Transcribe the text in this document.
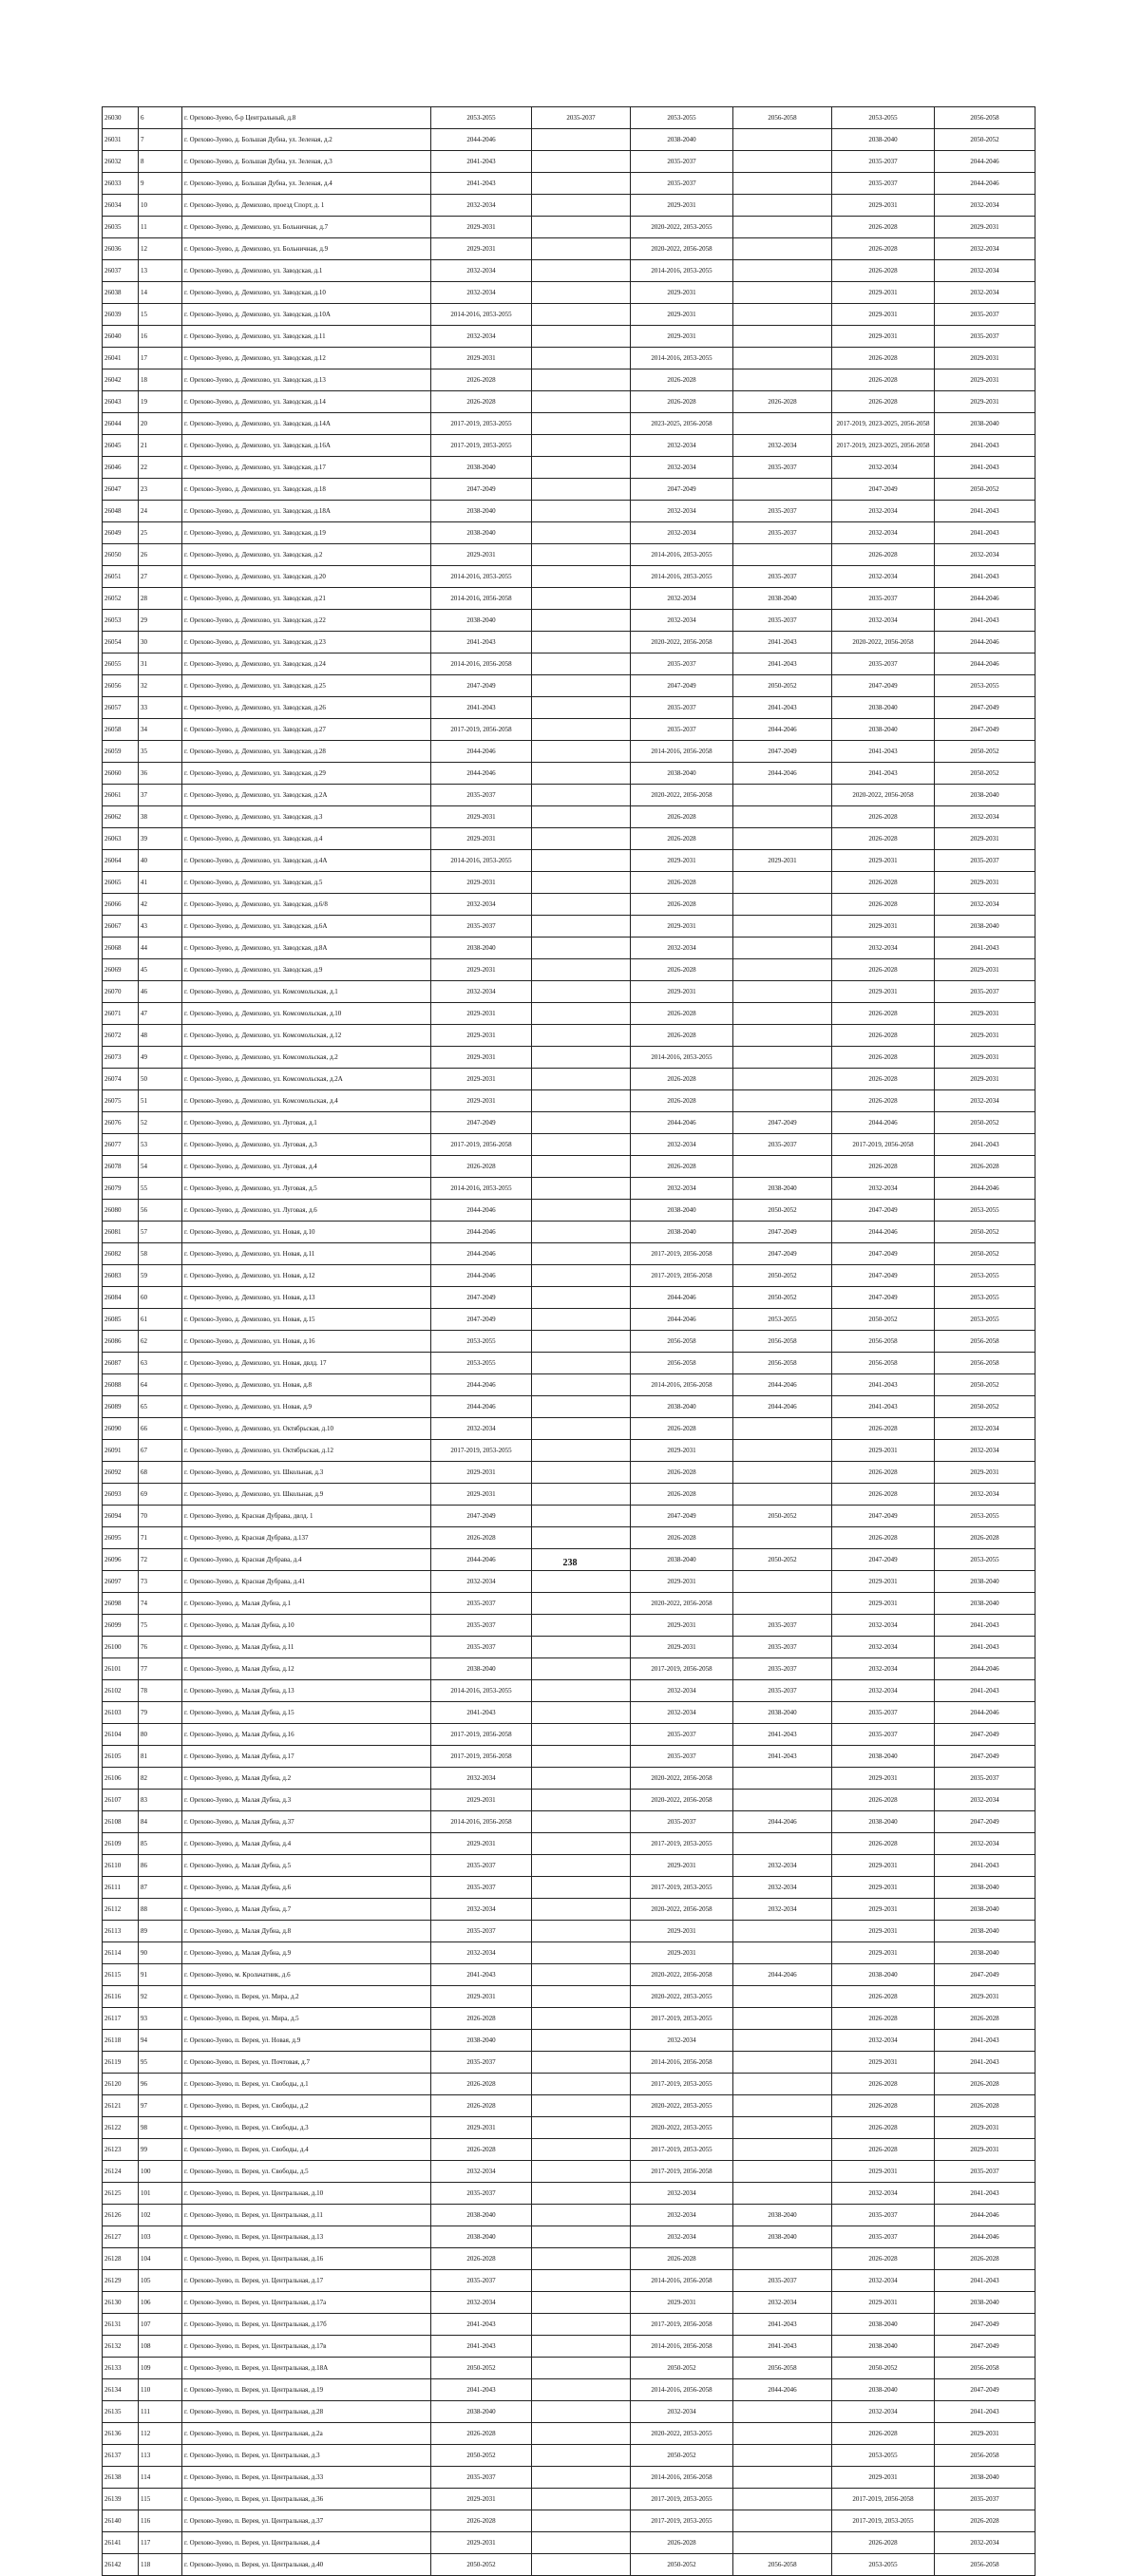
26030	6	г. Орехово-Зуево, б-р Центральный, д.8	2053-2055	2035-2037	2053-2055	2056-2058	2053-2055	2056-2058
26031	7	г. Орехово-Зуево, д. Большая Дубна, ул. Зеленая, д.2	2044-2046		2038-2040		2038-2040	2050-2052
26032	8	г. Орехово-Зуево, д. Большая Дубна, ул. Зеленая, д.3	2041-2043		2035-2037		2035-2037	2044-2046
26033	9	г. Орехово-Зуево, д. Большая Дубна, ул. Зеленая, д.4	2041-2043		2035-2037		2035-2037	2044-2046
26034	10	г. Орехово-Зуево, д. Демихово, проезд Спорт, д. 1	2032-2034		2029-2031		2029-2031	2032-2034
26035	11	г. Орехово-Зуево, д. Демихово, ул. Больничная, д.7	2029-2031		2020-2022, 2053-2055		2026-2028	2029-2031
26036	12	г. Орехово-Зуево, д. Демихово, ул. Больничная, д.9	2029-2031		2020-2022, 2056-2058		2026-2028	2032-2034
26037	13	г. Орехово-Зуево, д. Демихово, ул. Заводская, д.1	2032-2034		2014-2016, 2053-2055		2026-2028	2032-2034
26038	14	г. Орехово-Зуево, д. Демихово, ул. Заводская, д.10	2032-2034		2029-2031		2029-2031	2032-2034
26039	15	г. Орехово-Зуево, д. Демихово, ул. Заводская, д.10А	2014-2016, 2053-2055		2029-2031		2029-2031	2035-2037
26040	16	г. Орехово-Зуево, д. Демихово, ул. Заводская, д.11	2032-2034		2029-2031		2029-2031	2035-2037
26041	17	г. Орехово-Зуево, д. Демихово, ул. Заводская, д.12	2029-2031		2014-2016, 2053-2055		2026-2028	2029-2031
26042	18	г. Орехово-Зуево, д. Демихово, ул. Заводская, д.13	2026-2028		2026-2028		2026-2028	2029-2031
26043	19	г. Орехово-Зуево, д. Демихово, ул. Заводская, д.14	2026-2028		2026-2028	2026-2028	2026-2028	2029-2031
26044	20	г. Орехово-Зуево, д. Демихово, ул. Заводская, д.14А	2017-2019, 2053-2055		2023-2025, 2056-2058		2017-2019, 2023-2025, 2056-2058	2038-2040
26045	21	г. Орехово-Зуево, д. Демихово, ул. Заводская, д.16А	2017-2019, 2053-2055		2032-2034	2032-2034	2017-2019, 2023-2025, 2056-2058	2041-2043
26046	22	г. Орехово-Зуево, д. Демихово, ул. Заводская, д.17	2038-2040		2032-2034	2035-2037	2032-2034	2041-2043
26047	23	г. Орехово-Зуево, д. Демихово, ул. Заводская, д.18	2047-2049		2047-2049		2047-2049	2050-2052
26048	24	г. Орехово-Зуево, д. Демихово, ул. Заводская, д.18А	2038-2040		2032-2034	2035-2037	2032-2034	2041-2043
26049	25	г. Орехово-Зуево, д. Демихово, ул. Заводская, д.19	2038-2040		2032-2034	2035-2037	2032-2034	2041-2043
26050	26	г. Орехово-Зуево, д. Демихово, ул. Заводская, д.2	2029-2031		2014-2016, 2053-2055		2026-2028	2032-2034
26051	27	г. Орехово-Зуево, д. Демихово, ул. Заводская, д.20	2014-2016, 2053-2055		2014-2016, 2053-2055	2035-2037	2032-2034	2041-2043
26052	28	г. Орехово-Зуево, д. Демихово, ул. Заводская, д.21	2014-2016, 2056-2058		2032-2034	2038-2040	2035-2037	2044-2046
26053	29	г. Орехово-Зуево, д. Демихово, ул. Заводская, д.22	2038-2040		2032-2034	2035-2037	2032-2034	2041-2043
26054	30	г. Орехово-Зуево, д. Демихово, ул. Заводская, д.23	2041-2043		2020-2022, 2056-2058	2041-2043	2020-2022, 2056-2058	2044-2046
26055	31	г. Орехово-Зуево, д. Демихово, ул. Заводская, д.24	2014-2016, 2056-2058		2035-2037	2041-2043	2035-2037	2044-2046
26056	32	г. Орехово-Зуево, д. Демихово, ул. Заводская, д.25	2047-2049		2047-2049	2050-2052	2047-2049	2053-2055
26057	33	г. Орехово-Зуево, д. Демихово, ул. Заводская, д.26	2041-2043		2035-2037	2041-2043	2038-2040	2047-2049
26058	34	г. Орехово-Зуево, д. Демихово, ул. Заводская, д.27	2017-2019, 2056-2058		2035-2037	2044-2046	2038-2040	2047-2049
26059	35	г. Орехово-Зуево, д. Демихово, ул. Заводская, д.28	2044-2046		2014-2016, 2056-2058	2047-2049	2041-2043	2050-2052
26060	36	г. Орехово-Зуево, д. Демихово, ул. Заводская, д.29	2044-2046		2038-2040	2044-2046	2041-2043	2050-2052
26061	37	г. Орехово-Зуево, д. Демихово, ул. Заводская, д.2А	2035-2037		2020-2022, 2056-2058		2020-2022, 2056-2058	2038-2040
26062	38	г. Орехово-Зуево, д. Демихово, ул. Заводская, д.3	2029-2031		2026-2028		2026-2028	2032-2034
26063	39	г. Орехово-Зуево, д. Демихово, ул. Заводская, д.4	2029-2031		2026-2028		2026-2028	2029-2031
26064	40	г. Орехово-Зуево, д. Демихово, ул. Заводская, д.4А	2014-2016, 2053-2055		2029-2031	2029-2031	2029-2031	2035-2037
26065	41	г. Орехово-Зуево, д. Демихово, ул. Заводская, д.5	2029-2031		2026-2028		2026-2028	2029-2031
26066	42	г. Орехово-Зуево, д. Демихово, ул. Заводская, д.6/8	2032-2034		2026-2028		2026-2028	2032-2034
26067	43	г. Орехово-Зуево, д. Демихово, ул. Заводская, д.6А	2035-2037		2029-2031		2029-2031	2038-2040
26068	44	г. Орехово-Зуево, д. Демихово, ул. Заводская, д.8А	2038-2040		2032-2034		2032-2034	2041-2043
26069	45	г. Орехово-Зуево, д. Демихово, ул. Заводская, д.9	2029-2031		2026-2028		2026-2028	2029-2031
26070	46	г. Орехово-Зуево, д. Демихово, ул. Комсомольская, д.1	2032-2034		2029-2031		2029-2031	2035-2037
26071	47	г. Орехово-Зуево, д. Демихово, ул. Комсомольская, д.10	2029-2031		2026-2028		2026-2028	2029-2031
26072	48	г. Орехово-Зуево, д. Демихово, ул. Комсомольская, д.12	2029-2031		2026-2028		2026-2028	2029-2031
26073	49	г. Орехово-Зуево, д. Демихово, ул. Комсомольская, д.2	2029-2031		2014-2016, 2053-2055		2026-2028	2029-2031
26074	50	г. Орехово-Зуево, д. Демихово, ул. Комсомольская, д.2А	2029-2031		2026-2028		2026-2028	2029-2031
26075	51	г. Орехово-Зуево, д. Демихово, ул. Комсомольская, д.4	2029-2031		2026-2028		2026-2028	2032-2034
26076	52	г. Орехово-Зуево, д. Демихово, ул. Луговая, д.1	2047-2049		2044-2046	2047-2049	2044-2046	2050-2052
26077	53	г. Орехово-Зуево, д. Демихово, ул. Луговая, д.3	2017-2019, 2056-2058		2032-2034	2035-2037	2017-2019, 2056-2058	2041-2043
26078	54	г. Орехово-Зуево, д. Демихово, ул. Луговая, д.4	2026-2028		2026-2028		2026-2028	2026-2028
26079	55	г. Орехово-Зуево, д. Демихово, ул. Луговая, д.5	2014-2016, 2053-2055		2032-2034	2038-2040	2032-2034	2044-2046
26080	56	г. Орехово-Зуево, д. Демихово, ул. Луговая, д.6	2044-2046		2038-2040	2050-2052	2047-2049	2053-2055
26081	57	г. Орехово-Зуево, д. Демихово, ул. Новая, д.10	2044-2046		2038-2040	2047-2049	2044-2046	2050-2052
26082	58	г. Орехово-Зуево, д. Демихово, ул. Новая, д.11	2044-2046		2017-2019, 2056-2058	2047-2049	2047-2049	2050-2052
26083	59	г. Орехово-Зуево, д. Демихово, ул. Новая, д.12	2044-2046		2017-2019, 2056-2058	2050-2052	2047-2049	2053-2055
26084	60	г. Орехово-Зуево, д. Демихово, ул. Новая, д.13	2047-2049		2044-2046	2050-2052	2047-2049	2053-2055
26085	61	г. Орехово-Зуево, д. Демихово, ул. Новая, д.15	2047-2049		2044-2046	2053-2055	2050-2052	2053-2055
26086	62	г. Орехово-Зуево, д. Демихово, ул. Новая, д.16	2053-2055		2056-2058	2056-2058	2056-2058	2056-2058
26087	63	г. Орехово-Зуево, д. Демихово, ул. Новая, двлд. 17	2053-2055		2056-2058	2056-2058	2056-2058	2056-2058
26088	64	г. Орехово-Зуево, д. Демихово, ул. Новая, д.8	2044-2046		2014-2016, 2056-2058	2044-2046	2041-2043	2050-2052
26089	65	г. Орехово-Зуево, д. Демихово, ул. Новая, д.9	2044-2046		2038-2040	2044-2046	2041-2043	2050-2052
26090	66	г. Орехово-Зуево, д. Демихово, ул. Октябрьская, д.10	2032-2034		2026-2028		2026-2028	2032-2034
26091	67	г. Орехово-Зуево, д. Демихово, ул. Октябрьская, д.12	2017-2019, 2053-2055		2029-2031		2029-2031	2032-2034
26092	68	г. Орехово-Зуево, д. Демихово, ул. Школьная, д.3	2029-2031		2026-2028		2026-2028	2029-2031
26093	69	г. Орехово-Зуево, д. Демихово, ул. Школьная, д.9	2029-2031		2026-2028		2026-2028	2032-2034
26094	70	г. Орехово-Зуево, д. Красная Дубрава, двлд. 1	2047-2049		2047-2049	2050-2052	2047-2049	2053-2055
26095	71	г. Орехово-Зуево, д. Красная Дубрава, д.137	2026-2028		2026-2028		2026-2028	2026-2028
26096	72	г. Орехово-Зуево, д. Красная Дубрава, д.4	2044-2046		2038-2040	2050-2052	2047-2049	2053-2055
26097	73	г. Орехово-Зуево, д. Красная Дубрава, д.41	2032-2034		2029-2031		2029-2031	2038-2040
26098	74	г. Орехово-Зуево, д. Малая Дубна, д.1	2035-2037		2020-2022, 2056-2058		2029-2031	2038-2040
26099	75	г. Орехово-Зуево, д. Малая Дубна, д.10	2035-2037		2029-2031	2035-2037	2032-2034	2041-2043
26100	76	г. Орехово-Зуево, д. Малая Дубна, д.11	2035-2037		2029-2031	2035-2037	2032-2034	2041-2043
26101	77	г. Орехово-Зуево, д. Малая Дубна, д.12	2038-2040		2017-2019, 2056-2058	2035-2037	2032-2034	2044-2046
26102	78	г. Орехово-Зуево, д. Малая Дубна, д.13	2014-2016, 2053-2055		2032-2034	2035-2037	2032-2034	2041-2043
26103	79	г. Орехово-Зуево, д. Малая Дубна, д.15	2041-2043		2032-2034	2038-2040	2035-2037	2044-2046
26104	80	г. Орехово-Зуево, д. Малая Дубна, д.16	2017-2019, 2056-2058		2035-2037	2041-2043	2035-2037	2047-2049
26105	81	г. Орехово-Зуево, д. Малая Дубна, д.17	2017-2019, 2056-2058		2035-2037	2041-2043	2038-2040	2047-2049
26106	82	г. Орехово-Зуево, д. Малая Дубна, д.2	2032-2034		2020-2022, 2056-2058		2029-2031	2035-2037
26107	83	г. Орехово-Зуево, д. Малая Дубна, д.3	2029-2031		2020-2022, 2056-2058		2026-2028	2032-2034
26108	84	г. Орехово-Зуево, д. Малая Дубна, д.37	2014-2016, 2056-2058		2035-2037	2044-2046	2038-2040	2047-2049
26109	85	г. Орехово-Зуево, д. Малая Дубна, д.4	2029-2031		2017-2019, 2053-2055		2026-2028	2032-2034
26110	86	г. Орехово-Зуево, д. Малая Дубна, д.5	2035-2037		2029-2031	2032-2034	2029-2031	2041-2043
26111	87	г. Орехово-Зуево, д. Малая Дубна, д.6	2035-2037		2017-2019, 2053-2055	2032-2034	2029-2031	2038-2040
26112	88	г. Орехово-Зуево, д. Малая Дубна, д.7	2032-2034		2020-2022, 2056-2058	2032-2034	2029-2031	2038-2040
26113	89	г. Орехово-Зуево, д. Малая Дубна, д.8	2035-2037		2029-2031		2029-2031	2038-2040
26114	90	г. Орехово-Зуево, д. Малая Дубна, д.9	2032-2034		2029-2031		2029-2031	2038-2040
26115	91	г. Орехово-Зуево, м. Крольчатник, д.6	2041-2043		2020-2022, 2056-2058	2044-2046	2038-2040	2047-2049
26116	92	г. Орехово-Зуево, п. Верея, ул. Мира, д.2	2029-2031		2020-2022, 2053-2055		2026-2028	2029-2031
26117	93	г. Орехово-Зуево, п. Верея, ул. Мира, д.5	2026-2028		2017-2019, 2053-2055		2026-2028	2026-2028
26118	94	г. Орехово-Зуево, п. Верея, ул. Новая, д.9	2038-2040		2032-2034		2032-2034	2041-2043
26119	95	г. Орехово-Зуево, п. Верея, ул. Почтовая, д.7	2035-2037		2014-2016, 2056-2058		2029-2031	2041-2043
26120	96	г. Орехово-Зуево, п. Верея, ул. Свободы, д.1	2026-2028		2017-2019, 2053-2055		2026-2028	2026-2028
26121	97	г. Орехово-Зуево, п. Верея, ул. Свободы, д.2	2026-2028		2020-2022, 2053-2055		2026-2028	2026-2028
26122	98	г. Орехово-Зуево, п. Верея, ул. Свободы, д.3	2029-2031		2020-2022, 2053-2055		2026-2028	2029-2031
26123	99	г. Орехово-Зуево, п. Верея, ул. Свободы, д.4	2026-2028		2017-2019, 2053-2055		2026-2028	2029-2031
26124	100	г. Орехово-Зуево, п. Верея, ул. Свободы, д.5	2032-2034		2017-2019, 2056-2058		2029-2031	2035-2037
26125	101	г. Орехово-Зуево, п. Верея, ул. Центральная, д.10	2035-2037		2032-2034		2032-2034	2041-2043
26126	102	г. Орехово-Зуево, п. Верея, ул. Центральная, д.11	2038-2040		2032-2034	2038-2040	2035-2037	2044-2046
26127	103	г. Орехово-Зуево, п. Верея, ул. Центральная, д.13	2038-2040		2032-2034	2038-2040	2035-2037	2044-2046
26128	104	г. Орехово-Зуево, п. Верея, ул. Центральная, д.16	2026-2028		2026-2028		2026-2028	2026-2028
26129	105	г. Орехово-Зуево, п. Верея, ул. Центральная, д.17	2035-2037		2014-2016, 2056-2058	2035-2037	2032-2034	2041-2043
26130	106	г. Орехово-Зуево, п. Верея, ул. Центральная, д.17а	2032-2034		2029-2031	2032-2034	2029-2031	2038-2040
26131	107	г. Орехово-Зуево, п. Верея, ул. Центральная, д.17б	2041-2043		2017-2019, 2056-2058	2041-2043	2038-2040	2047-2049
26132	108	г. Орехово-Зуево, п. Верея, ул. Центральная, д.17в	2041-2043		2014-2016, 2056-2058	2041-2043	2038-2040	2047-2049
26133	109	г. Орехово-Зуево, п. Верея, ул. Центральная, д.18А	2050-2052		2050-2052	2056-2058	2050-2052	2056-2058
26134	110	г. Орехово-Зуево, п. Верея, ул. Центральная, д.19	2041-2043		2014-2016, 2056-2058	2044-2046	2038-2040	2047-2049
26135	111	г. Орехово-Зуево, п. Верея, ул. Центральная, д.28	2038-2040		2032-2034		2032-2034	2041-2043
26136	112	г. Орехово-Зуево, п. Верея, ул. Центральная, д.2а	2026-2028		2020-2022, 2053-2055		2026-2028	2029-2031
26137	113	г. Орехово-Зуево, п. Верея, ул. Центральная, д.3	2050-2052		2050-2052		2053-2055	2056-2058
26138	114	г. Орехово-Зуево, п. Верея, ул. Центральная, д.33	2035-2037		2014-2016, 2056-2058		2029-2031	2038-2040
26139	115	г. Орехово-Зуево, п. Верея, ул. Центральная, д.36	2029-2031		2017-2019, 2053-2055		2017-2019, 2056-2058	2035-2037
26140	116	г. Орехово-Зуево, п. Верея, ул. Центральная, д.37	2026-2028		2017-2019, 2053-2055		2017-2019, 2053-2055	2026-2028
26141	117	г. Орехово-Зуево, п. Верея, ул. Центральная, д.4	2029-2031		2026-2028		2026-2028	2032-2034
26142	118	г. Орехово-Зуево, п. Верея, ул. Центральная, д.40	2050-2052		2050-2052	2056-2058	2053-2055	2056-2058
238
